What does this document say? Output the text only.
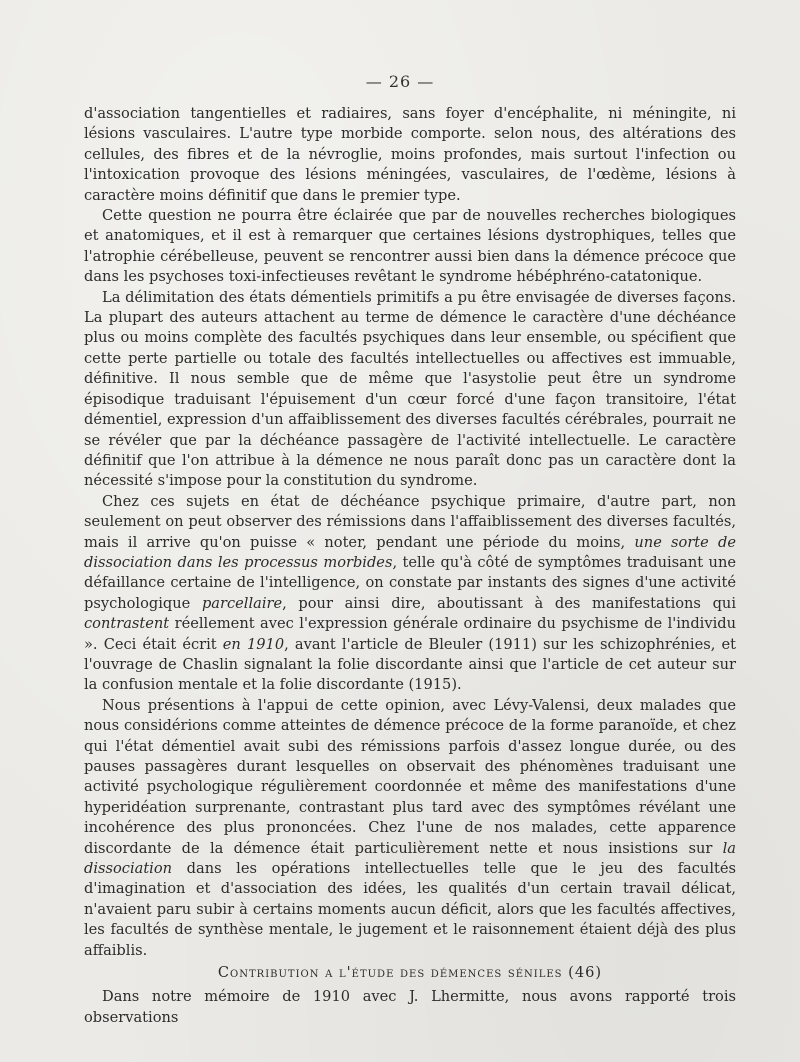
— 26 —

d'association tangentielles et radiaires, sans foyer d'encéphalite, ni méningite, ni lésions vasculaires. L'autre type morbide comporte. selon nous, des altérations des cellules, des fibres et de la névroglie, moins profondes, mais surtout l'infection ou l'intoxication provoque des lésions méningées, vasculaires, de l'œdème, lésions à caractère moins définitif que dans le premier type.

Cette question ne pourra être éclairée que par de nouvelles recherches biologiques et anatomiques, et il est à remarquer que certaines lésions dystrophiques, telles que l'atrophie cérébelleuse, peuvent se rencontrer aussi bien dans la démence précoce que dans les psychoses toxi-infectieuses revêtant le syndrome hébéphréno-catatonique.

La délimitation des états démentiels primitifs a pu être envisagée de diverses façons. La plupart des auteurs attachent au terme de démence le caractère d'une déchéance plus ou moins complète des facultés psychiques dans leur ensemble, ou spécifient que cette perte partielle ou totale des facultés intellectuelles ou affectives est immuable, définitive. Il nous semble que de même que l'asystolie peut être un syndrome épisodique traduisant l'épuisement d'un cœur forcé d'une façon transitoire, l'état démentiel, expression d'un affaiblissement des diverses facultés cérébrales, pourrait ne se révéler que par la déchéance passagère de l'activité intellectuelle. Le caractère définitif que l'on attribue à la démence ne nous paraît donc pas un caractère dont la nécessité s'impose pour la constitution du syndrome.

Chez ces sujets en état de déchéance psychique primaire, d'autre part, non seulement on peut observer des rémissions dans l'affaiblissement des diverses facultés, mais il arrive qu'on puisse « noter, pendant une période du moins, une sorte de dissociation dans les processus morbides, telle qu'à côté de symptômes traduisant une défaillance certaine de l'intelligence, on constate par instants des signes d'une activité psychologique parcellaire, pour ainsi dire, aboutissant à des manifestations qui contrastent réellement avec l'expression générale ordinaire du psychisme de l'individu ». Ceci était écrit en 1910, avant l'article de Bleuler (1911) sur les schizophrénies, et l'ouvrage de Chaslin signalant la folie discordante ainsi que l'article de cet auteur sur la confusion mentale et la folie discordante (1915).

Nous présentions à l'appui de cette opinion, avec Lévy-Valensi, deux malades que nous considérions comme atteintes de démence précoce de la forme paranoïde, et chez qui l'état démentiel avait subi des rémissions parfois d'assez longue durée, ou des pauses passagères durant lesquelles on observait des phénomènes traduisant une activité psychologique régulièrement coordonnée et même des manifestations d'une hyperidéation surprenante, contrastant plus tard avec des symptômes révélant une incohérence des plus prononcées. Chez l'une de nos malades, cette apparence discordante de la démence était particulièrement nette et nous insistions sur la dissociation dans les opérations intellectuelles telle que le jeu des facultés d'imagination et d'association des idées, les qualités d'un certain travail délicat, n'avaient paru subir à certains moments aucun déficit, alors que les facultés affectives, les facultés de synthèse mentale, le jugement et le raisonnement étaient déjà des plus affaiblis.

Contribution a l'étude des démences séniles (46)

Dans notre mémoire de 1910 avec J. Lhermitte, nous avons rapporté trois observations
